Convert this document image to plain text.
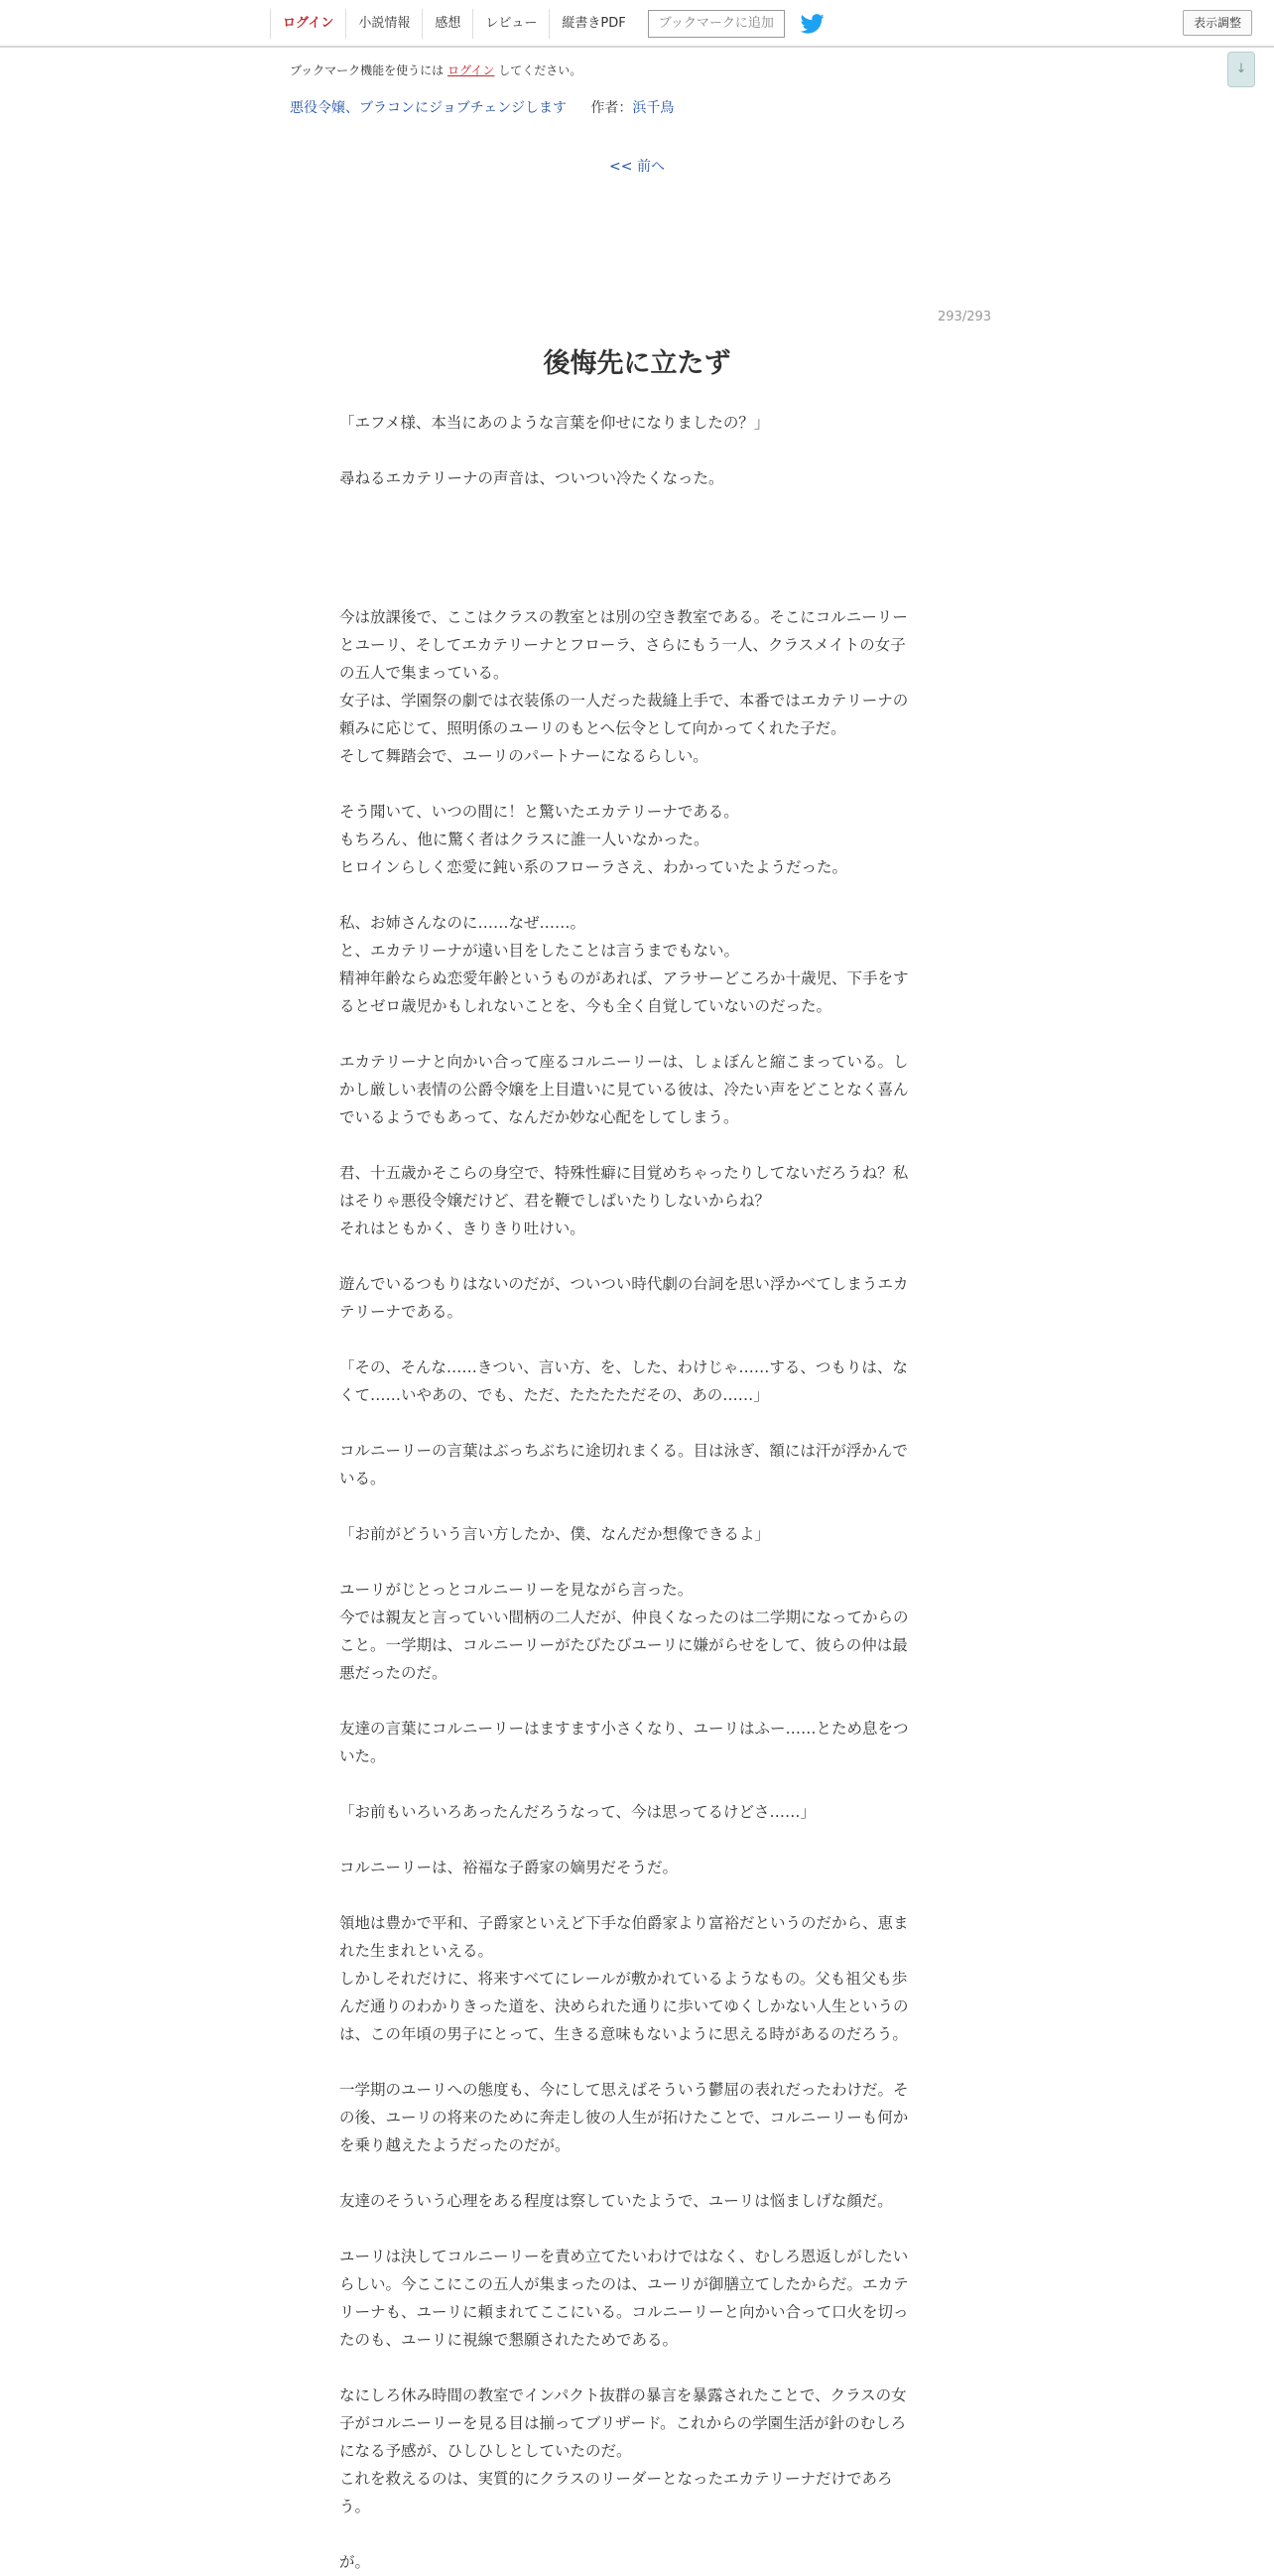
ログイン	小説情報	感想	レビュー	縦書きPDF	ブックマークに追加	表示調整
↓
ブックマーク機能を使うには ログイン してください。
悪役令嬢、ブラコンにジョブチェンジします 作者：浜千鳥
<< 前へ
293/293
後悔先に立たず

「エフメ様、本当にあのような言葉を仰せになりましたの？」

尋ねるエカテリーナの声音は、ついつい冷たくなった。

今は放課後で、ここはクラスの教室とは別の空き教室である。そこにコルニーリー

とユーリ、そしてエカテリーナとフローラ、さらにもう一人、クラスメイトの女子

の五人で集まっている。

女子は、学園祭の劇では衣装係の一人だった裁縫上手で、本番ではエカテリーナの

頼みに応じて、照明係のユーリのもとへ伝令として向かってくれた子だ。

そして舞踏会で、ユーリのパートナーになるらしい。

そう聞いて、いつの間に！と驚いたエカテリーナである。

もちろん、他に驚く者はクラスに誰一人いなかった。

ヒロインらしく恋愛に鈍い系のフローラさえ、わかっていたようだった。

私、お姉さんなのに……なぜ……。

と、エカテリーナが遠い目をしたことは言うまでもない。

精神年齢ならぬ恋愛年齢というものがあれば、アラサーどころか十歳児、下手をす

るとゼロ歳児かもしれないことを、今も全く自覚していないのだった。

エカテリーナと向かい合って座るコルニーリーは、しょぼんと縮こまっている。し

かし厳しい表情の公爵令嬢を上目遣いに見ている彼は、冷たい声をどことなく喜ん

でいるようでもあって、なんだか妙な心配をしてしまう。

君、十五歳かそこらの身空で、特殊性癖に目覚めちゃったりしてないだろうね？私

はそりゃ悪役令嬢だけど、君を鞭でしばいたりしないからね？

それはともかく、きりきり吐けい。

遊んでいるつもりはないのだが、ついつい時代劇の台詞を思い浮かべてしまうエカ

テリーナである。

「その、そんな……きつい、言い方、を、した、わけじゃ……する、つもりは、な

くて……いやあの、でも、ただ、たたたただその、あの……」

コルニーリーの言葉はぶっちぶちに途切れまくる。目は泳ぎ、額には汗が浮かんで

いる。

「お前がどういう言い方したか、僕、なんだか想像できるよ」

ユーリがじとっとコルニーリーを見ながら言った。

今では親友と言っていい間柄の二人だが、仲良くなったのは二学期になってからの

こと。一学期は、コルニーリーがたびたびユーリに嫌がらせをして、彼らの仲は最

悪だったのだ。

友達の言葉にコルニーリーはますます小さくなり、ユーリはふー……とため息をつ

いた。

「お前もいろいろあったんだろうなって、今は思ってるけどさ……」

コルニーリーは、裕福な子爵家の嫡男だそうだ。

領地は豊かで平和、子爵家といえど下手な伯爵家より富裕だというのだから、恵ま

れた生まれといえる。

しかしそれだけに、将来すべてにレールが敷かれているようなもの。父も祖父も歩

んだ通りのわかりきった道を、決められた通りに歩いてゆくしかない人生というの

は、この年頃の男子にとって、生きる意味もないように思える時があるのだろう。

一学期のユーリへの態度も、今にして思えばそういう鬱屈の表れだったわけだ。そ

の後、ユーリの将来のために奔走し彼の人生が拓けたことで、コルニーリーも何か

を乗り越えたようだったのだが。

友達のそういう心理をある程度は察していたようで、ユーリは悩ましげな顔だ。

ユーリは決してコルニーリーを責め立てたいわけではなく、むしろ恩返しがしたい

らしい。今ここにこの五人が集まったのは、ユーリが御膳立てしたからだ。エカテ

リーナも、ユーリに頼まれてここにいる。コルニーリーと向かい合って口火を切っ

たのも、ユーリに視線で懇願されたためである。

なにしろ休み時間の教室でインパクト抜群の暴言を暴露されたことで、クラスの女

子がコルニーリーを見る目は揃ってブリザード。これからの学園生活が針のむしろ

になる予感が、ひしひしとしていたのだ。

これを救えるのは、実質的にクラスのリーダーとなったエカテリーナだけであろ

う。

が。
